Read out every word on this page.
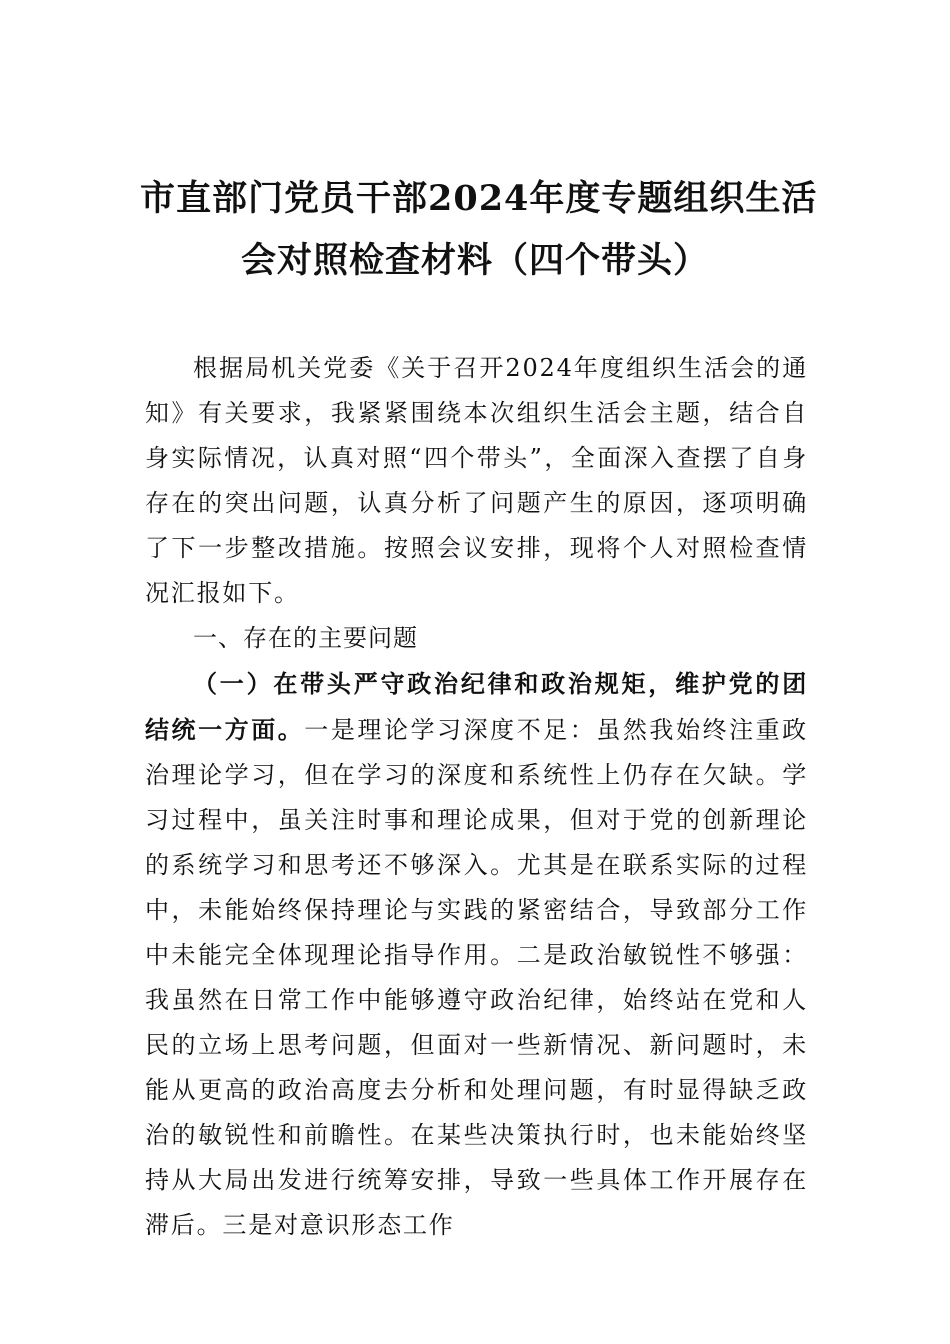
市直部门党员干部2024年度专题组织生活
会对照检查材料（四个带头）

根据局机关党委《关于召开2024年度组织生活会的通知》有关要求，我紧紧围绕本次组织生活会主题，结合自身实际情况，认真对照“四个带头”，全面深入查摆了自身存在的突出问题，认真分析了问题产生的原因，逐项明确了下一步整改措施。按照会议安排，现将个人对照检查情况汇报如下。

一、存在的主要问题

（一）在带头严守政治纪律和政治规矩，维护党的团结统一方面。一是理论学习深度不足：虽然我始终注重政治理论学习，但在学习的深度和系统性上仍存在欠缺。学习过程中，虽关注时事和理论成果，但对于党的创新理论的系统学习和思考还不够深入。尤其是在联系实际的过程中，未能始终保持理论与实践的紧密结合，导致部分工作中未能完全体现理论指导作用。二是政治敏锐性不够强：我虽然在日常工作中能够遵守政治纪律，始终站在党和人民的立场上思考问题，但面对一些新情况、新问题时，未能从更高的政治高度去分析和处理问题，有时显得缺乏政治的敏锐性和前瞻性。在某些决策执行时，也未能始终坚持从大局出发进行统筹安排，导致一些具体工作开展存在滞后。三是对意识形态工作
